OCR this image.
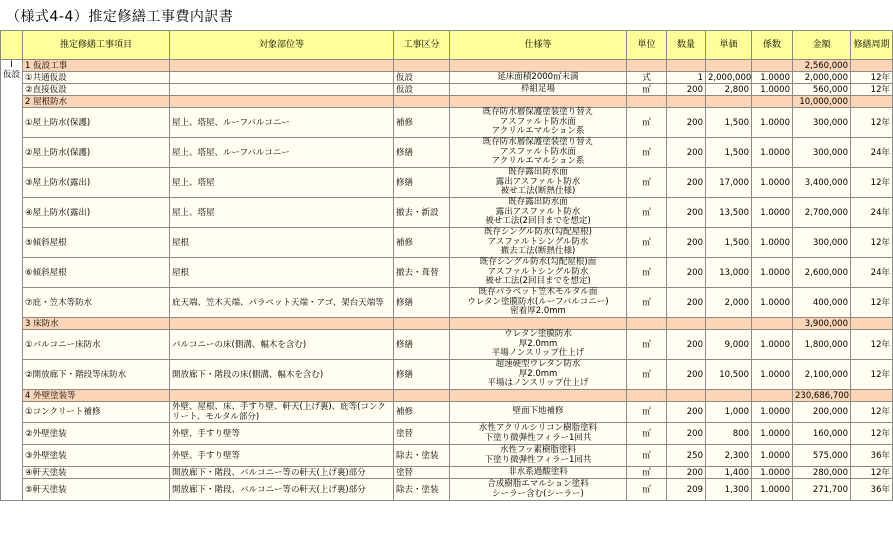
（様式4-4）推定修繕工事費内訳書
	推定修繕工事項目	対象部位等	工事区分	仕様等	単位	数量	単価	係数	金額	修繕周期

Ⅰ
仮設	1 仮設工事								2,560,000	
	①共通仮設		仮設	延床面積2000㎡未満	式	1	2,000,000	1.0000	2,000,000	12年
	②直接仮設		仮設	枠組足場	㎡	200	2,800	1.0000	560,000	12年
	2 屋根防水								10,000,000	
	①屋上防水(保護)	屋上、塔屋、ルーフバルコニー	補修	既存防水層保護塗装塗り替え
アスファルト防水面
アクリルエマルション系	㎡	200	1,500	1.0000	300,000	12年
	②屋上防水(保護)	屋上、塔屋、ルーフバルコニー	修繕	既存防水層保護塗装塗り替え
アスファルト防水面
アクリルエマルション系	㎡	200	1,500	1.0000	300,000	24年
	③屋上防水(露出)	屋上、塔屋	修繕	既存露出防水面
露出アスファルト防水
被せ工法(断熱仕様)	㎡	200	17,000	1.0000	3,400,000	12年
	④屋上防水(露出)	屋上、塔屋	撤去・新設	既存露出防水面
露出アスファルト防水
被せ工法(2回目までを想定)	㎡	200	13,500	1.0000	2,700,000	24年
	⑤傾斜屋根	屋根	補修	既存シングル防水(勾配屋根)
アスファルトシングル防水
撤去工法(断熱仕様)	㎡	200	1,500	1.0000	300,000	12年
	⑥傾斜屋根	屋根	撤去・葺替	既存シングル防水(勾配屋根)面
アスファルトシングル防水
被せ工法(2回目までを想定)	㎡	200	13,000	1.0000	2,600,000	24年
	⑦庇・笠木等防水	庇天端、笠木天端、パラペット天端・アゴ、架台天端等	修繕	既存パラペット笠木モルタル面
ウレタン塗膜防水(ルーフバルコニー)
密着厚2.0mm	㎡	200	2,000	1.0000	400,000	12年
	3 床防水								3,900,000	
	①バルコニー床防水	バルコニーの床(側溝、幅木を含む)	修繕	ウレタン塗膜防水
厚2.0mm
平場ノンスリップ仕上げ	㎡	200	9,000	1.0000	1,800,000	12年
	②開放廊下・階段等床防水	開放廊下・階段の床(側溝、幅木を含む)	修繕	超速硬型ウレタン防水
厚2.0mm
平場はノンスリップ仕上げ	㎡	200	10,500	1.0000	2,100,000	12年
	4 外壁塗装等								230,686,700	
	①コンクリート補修	外壁、屋根、床、手すり壁、軒天(上げ裏)、庇等(コンクリート、モルタル部分)	補修	壁面下地補修	㎡	200	1,000	1.0000	200,000	12年
	②外壁塗装	外壁、手すり壁等	塗替	水性アクリルシリコン樹脂塗料
下塗り微弾性フィラー1回共	㎡	200	800	1.0000	160,000	12年
	③外壁塗装	外壁、手すり壁等	除去・塗装	水性フッ素樹脂塗料
下塗り微弾性フィラー1回共	㎡	250	2,300	1.0000	575,000	36年
	④軒天塗装	開放廊下・階段、バルコニー等の軒天(上げ裏)部分	塗替	非水系過酸塗料	㎡	200	1,400	1.0000	280,000	12年
	⑤軒天塗装	開放廊下・階段、バルコニー等の軒天(上げ裏)部分	除去・塗装	合成樹脂エマルション塗料
シーラー含む(シーラー)	㎡	209	1,300	1.0000	271,700	36年
